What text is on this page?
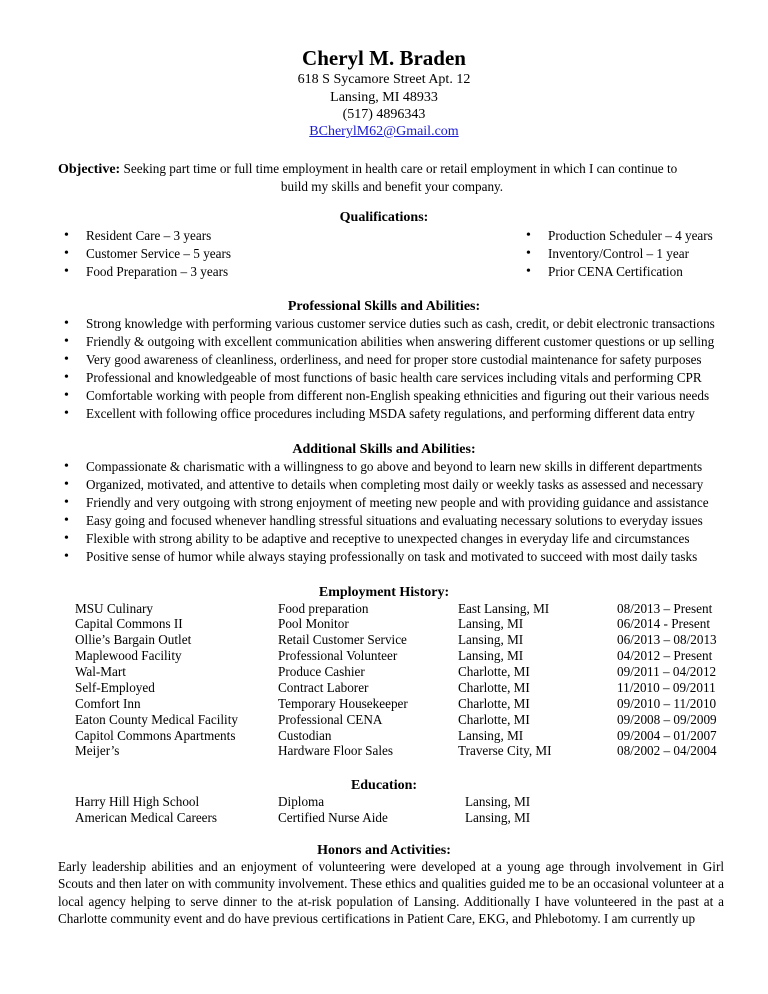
Cheryl M. Braden
618 S Sycamore Street Apt. 12
Lansing, MI 48933
(517) 4896343
BCherylM62@Gmail.com
Objective: Seeking part time or full time employment in health care or retail employment in which I can continue to
build my skills and benefit your company.
Qualifications:
• Resident Care – 3 years
• Customer Service – 5 years
• Food Preparation – 3 years
• Production Scheduler – 4 years
• Inventory/Control – 1 year
• Prior CENA Certification
Professional Skills and Abilities:
• Strong knowledge with performing various customer service duties such as cash, credit, or debit electronic transactions
• Friendly & outgoing with excellent communication abilities when answering different customer questions or up selling
• Very good awareness of cleanliness, orderliness, and need for proper store custodial maintenance for safety purposes
• Professional and knowledgeable of most functions of basic health care services including vitals and performing CPR
• Comfortable working with people from different non-English speaking ethnicities and figuring out their various needs
• Excellent with following office procedures including MSDA safety regulations, and performing different data entry
Additional Skills and Abilities:
• Compassionate & charismatic with a willingness to go above and beyond to learn new skills in different departments
• Organized, motivated, and attentive to details when completing most daily or weekly tasks as assessed and necessary
• Friendly and very outgoing with strong enjoyment of meeting new people and with providing guidance and assistance
• Easy going and focused whenever handling stressful situations and evaluating necessary solutions to everyday issues
• Flexible with strong ability to be adaptive and receptive to unexpected changes in everyday life and circumstances
• Positive sense of humor while always staying professionally on task and motivated to succeed with most daily tasks
Employment History:
MSU Culinary	Food preparation	East Lansing, MI	08/2013 – Present
Capital Commons II	Pool Monitor	Lansing, MI	06/2014 - Present
Ollie’s Bargain Outlet	Retail Customer Service	Lansing, MI	06/2013 – 08/2013
Maplewood Facility	Professional Volunteer	Lansing, MI	04/2012 – Present
Wal-Mart	Produce Cashier	Charlotte, MI	09/2011 – 04/2012
Self-Employed	Contract Laborer	Charlotte, MI	11/2010 – 09/2011
Comfort Inn	Temporary Housekeeper	Charlotte, MI	09/2010 – 11/2010
Eaton County Medical Facility	Professional CENA	Charlotte, MI	09/2008 – 09/2009
Capitol Commons Apartments	Custodian	Lansing, MI	09/2004 – 01/2007
Meijer’s	Hardware Floor Sales	Traverse City, MI	08/2002 – 04/2004
Education:
Harry Hill High School	Diploma	Lansing, MI
American Medical Careers	Certified Nurse Aide	Lansing, MI
Honors and Activities:
Early leadership abilities and an enjoyment of volunteering were developed at a young age through involvement in Girl Scouts and then later on with community involvement. These ethics and qualities guided me to be an occasional volunteer at a local agency helping to serve dinner to the at-risk population of Lansing. Additionally I have volunteered in the past at a Charlotte community event and do have previous certifications in Patient Care, EKG, and Phlebotomy. I am currently up
